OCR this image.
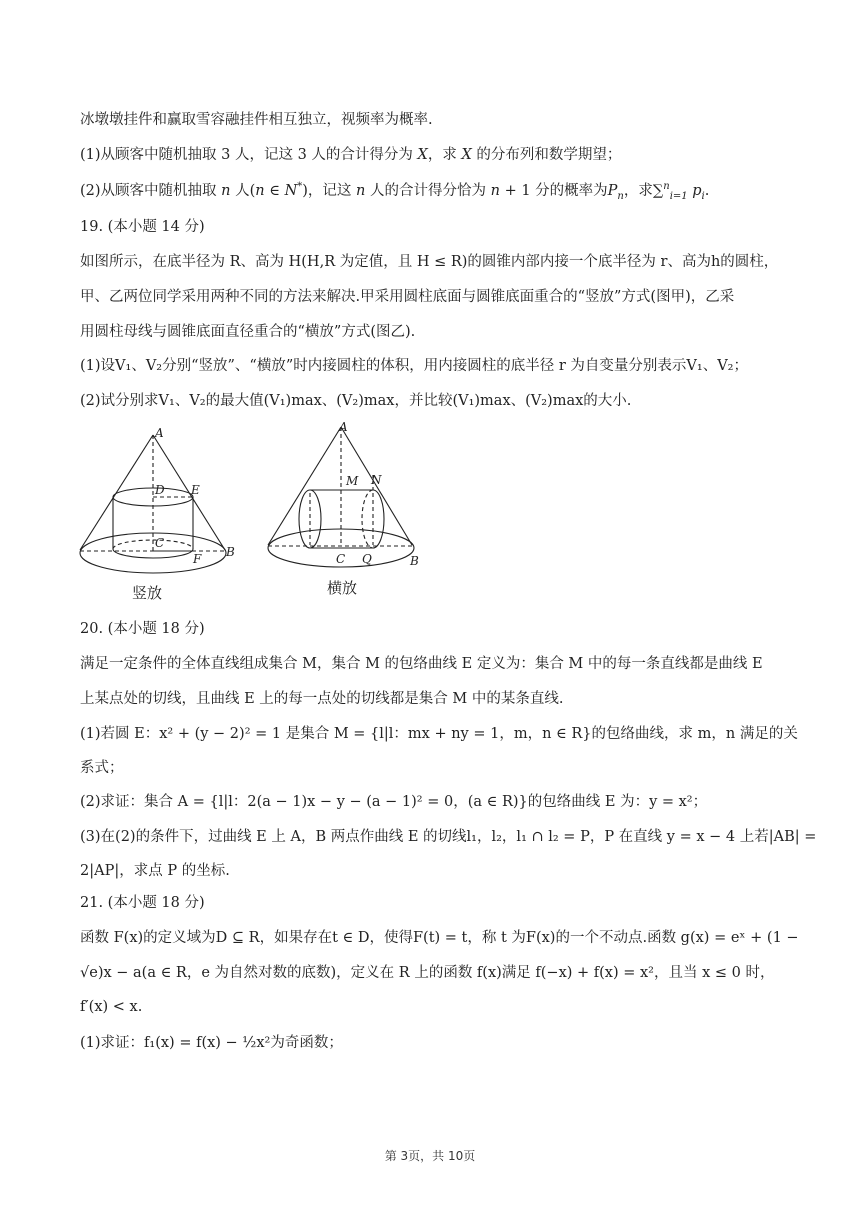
冰墩墩挂件和赢取雪容融挂件相互独立，视频率为概率.
(1)从顾客中随机抽取 3 人，记这 3 人的合计得分为 X，求 X 的分布列和数学期望；
(2)从顾客中随机抽取 n 人(n ∈ N*)，记这 n 人的合计得分恰为 n + 1 分的概率为$P_n$，求∑$^n_{i=1}$ $p_i$.
19. (本小题 14 分)
如图所示，在底半径为 R、高为 H(H,R 为定值，且 H ≤ R)的圆锥内部内接一个底半径为 r、高为h的圆柱，
甲、乙两位同学采用两种不同的方法来解决.甲采用圆柱底面与圆锥底面重合的“竖放”方式(图甲)，乙采
用圆柱母线与圆锥底面直径重合的“横放”方式(图乙).
(1)设V₁、V₂分别“竖放”、“横放”时内接圆柱的体积，用内接圆柱的底半径 r 为自变量分别表示V₁、V₂；
(2)试分别求V₁、V₂的最大值(V₁)max、(V₂)max，并比较(V₁)max、(V₂)max的大小.
A
D E
C
F B
竖放
A
M N
C Q	B
横放
20. (本小题 18 分)
满足一定条件的全体直线组成集合 M，集合 M 的包络曲线 E 定义为：集合 M 中的每一条直线都是曲线 E
上某点处的切线，且曲线 E 上的每一点处的切线都是集合 M 中的某条直线.
(1)若圆 E：x² + (y − 2)² = 1 是集合 M = {l|l：mx + ny = 1，m，n ∈ R}的包络曲线，求 m，n 满足的关
系式；
(2)求证：集合 A = {l|l：2(a − 1)x − y − (a − 1)² = 0，(a ∈ R)}的包络曲线 E 为：y = x²；
(3)在(2)的条件下，过曲线 E 上 A，B 两点作曲线 E 的切线l₁，l₂，l₁ ∩ l₂ = P，P 在直线 y = x − 4 上若|AB| =
2|AP|，求点 P 的坐标.
21. (本小题 18 分)
函数 F(x)的定义域为D ⊆ R，如果存在t ∈ D，使得F(t) = t，称 t 为F(x)的一个不动点.函数 g(x) = eˣ + (1 −
√e)x − a(a ∈ R，e 为自然对数的底数)，定义在 R 上的函数 f(x)满足 f(−x) + f(x) = x²，且当 x ≤ 0 时，
f′(x) < x.
(1)求证：f₁(x) = f(x) − ½x²为奇函数；
第 3页，共 10页
